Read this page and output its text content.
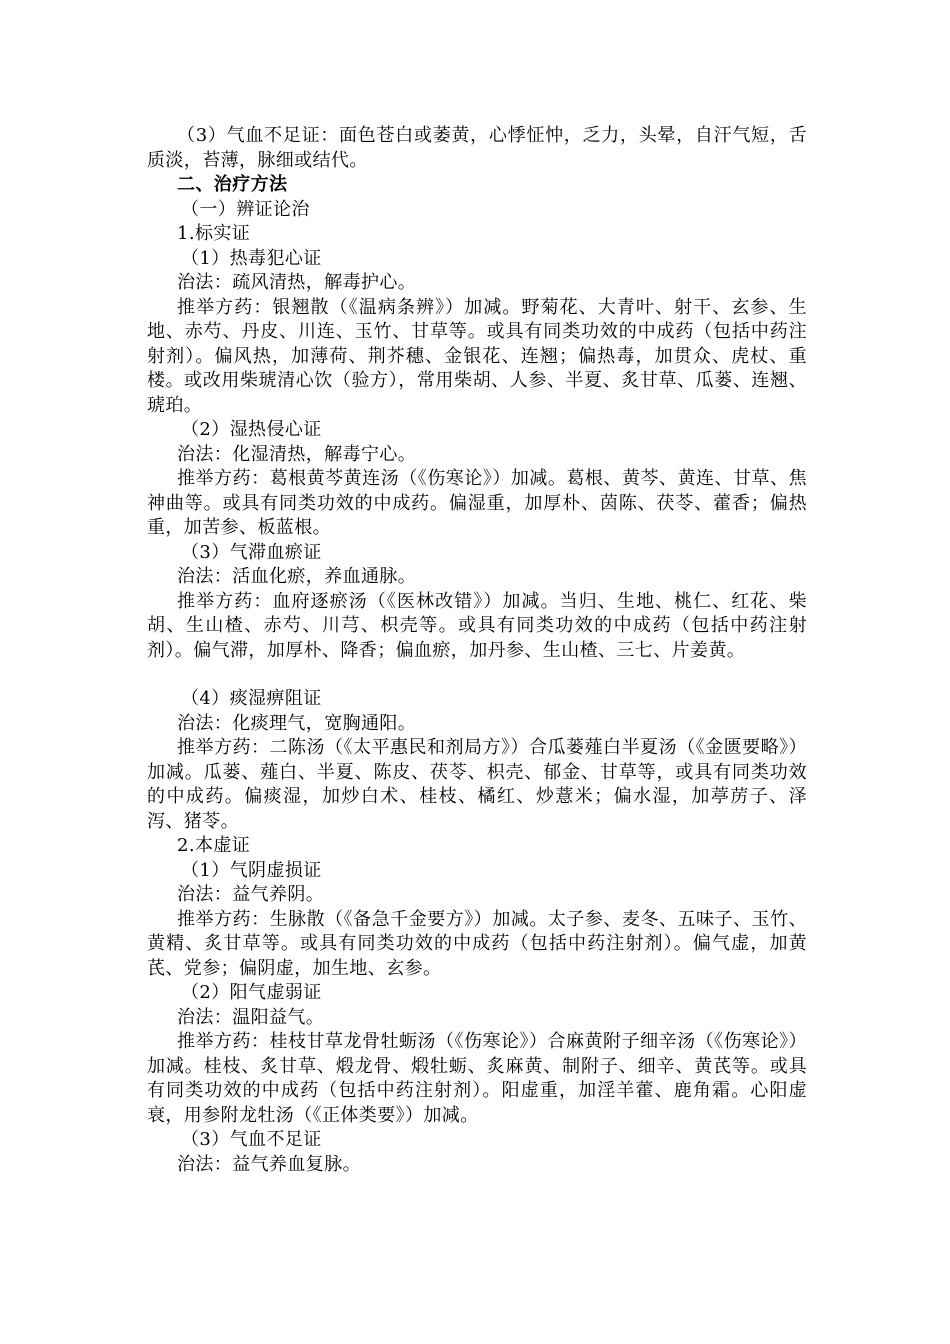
（3）气血不足证：面色苍白或萎黄，心悸怔忡，乏力，头晕，自汗气短，舌质淡，苔薄，脉细或结代。

二、治疗方法

（一）辨证论治

1.标实证

（1）热毒犯心证

治法：疏风清热，解毒护心。

推举方药：银翘散（《温病条辨》）加减。野菊花、大青叶、射干、玄参、生地、赤芍、丹皮、川连、玉竹、甘草等。或具有同类功效的中成药（包括中药注射剂）。偏风热，加薄荷、荆芥穗、金银花、连翘；偏热毒，加贯众、虎杖、重楼。或改用柴琥清心饮（验方），常用柴胡、人参、半夏、炙甘草、瓜蒌、连翘、琥珀。

（2）湿热侵心证

治法：化湿清热，解毒宁心。

推举方药：葛根黄芩黄连汤（《伤寒论》）加减。葛根、黄芩、黄连、甘草、焦神曲等。或具有同类功效的中成药。偏湿重，加厚朴、茵陈、茯苓、藿香；偏热重，加苦参、板蓝根。

（3）气滞血瘀证

治法：活血化瘀，养血通脉。

推举方药：血府逐瘀汤（《医林改错》）加减。当归、生地、桃仁、红花、柴胡、生山楂、赤芍、川芎、枳壳等。或具有同类功效的中成药（包括中药注射剂）。偏气滞，加厚朴、降香；偏血瘀，加丹参、生山楂、三七、片姜黄。

（4）痰湿痹阻证

治法：化痰理气，宽胸通阳。

推举方药：二陈汤（《太平惠民和剂局方》）合瓜蒌薤白半夏汤（《金匮要略》）加减。瓜蒌、薤白、半夏、陈皮、茯苓、枳壳、郁金、甘草等，或具有同类功效的中成药。偏痰湿，加炒白术、桂枝、橘红、炒薏米；偏水湿，加葶苈子、泽泻、猪苓。

2.本虚证

（1）气阴虚损证

治法：益气养阴。

推举方药：生脉散（《备急千金要方》）加减。太子参、麦冬、五味子、玉竹、黄精、炙甘草等。或具有同类功效的中成药（包括中药注射剂）。偏气虚，加黄芪、党参；偏阴虚，加生地、玄参。

（2）阳气虚弱证

治法：温阳益气。

推举方药：桂枝甘草龙骨牡蛎汤（《伤寒论》）合麻黄附子细辛汤（《伤寒论》）加减。桂枝、炙甘草、煅龙骨、煅牡蛎、炙麻黄、制附子、细辛、黄芪等。或具有同类功效的中成药（包括中药注射剂）。阳虚重，加淫羊藿、鹿角霜。心阳虚衰，用参附龙牡汤（《正体类要》）加减。

（3）气血不足证

治法：益气养血复脉。
